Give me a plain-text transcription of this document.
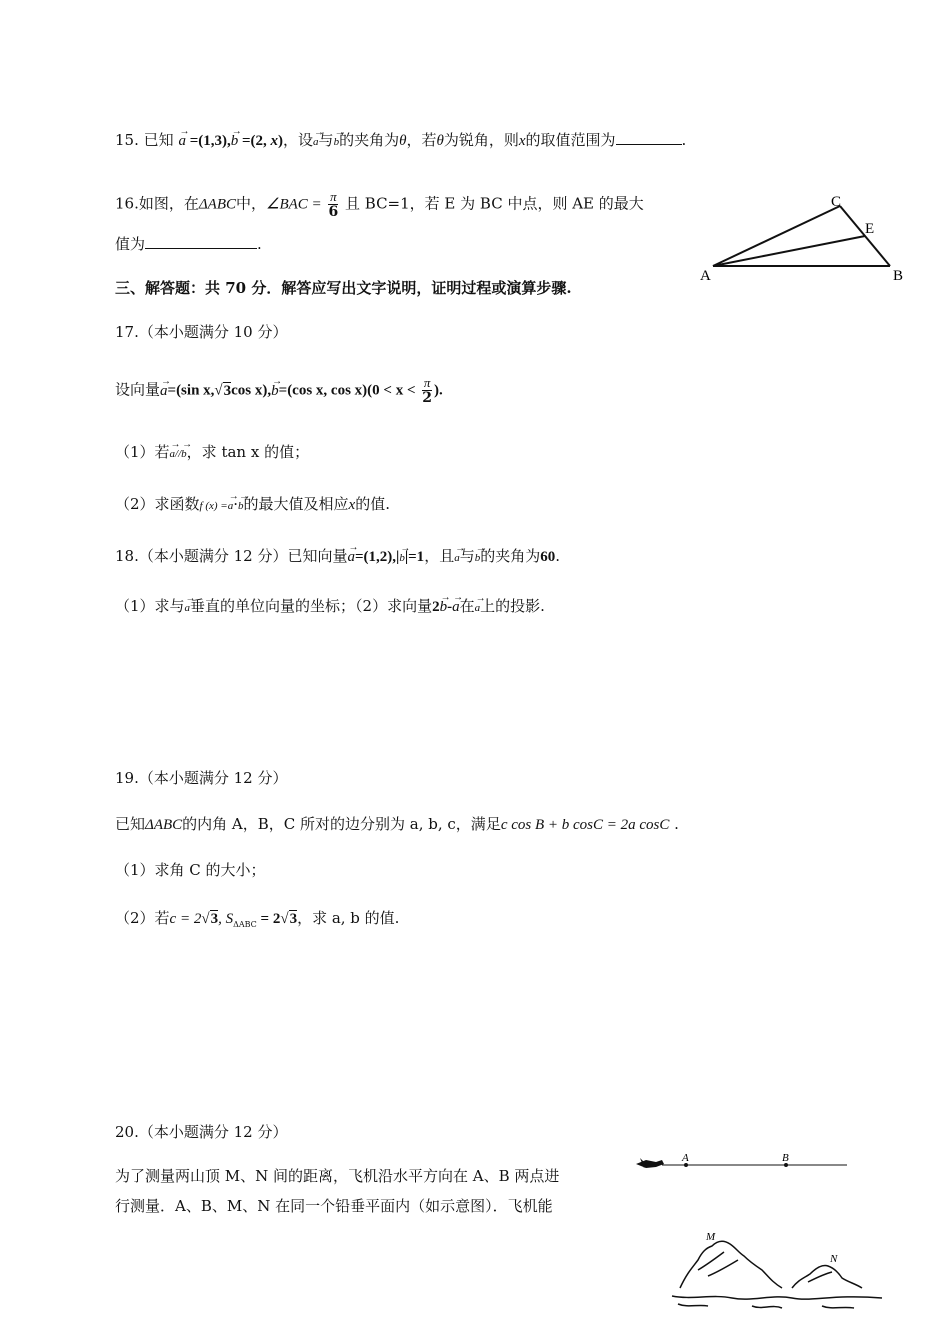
15. 已知 → a =(1,3),→ b =(2, x)，设→ a与→ b的夹角为θ，若θ为锐角，则x的取值范围为	.
16.如图，在ΔABC中，∠BAC = $\frac{\pi}{6}$ 且 BC=1，若 E 为 BC 中点，则 AE 的最大
值为	.
C
E
A	B
三、解答题：共 70 分．解答应写出文字说明，证明过程或演算步骤.
17.（本小题满分 10 分）
设向量→ a=(sin x,√3cos x),→ b=(cos x, $\cos x)(0 < x < \frac{\pi}{2}$ ).
（1）若→ a//→ b，求 tan x 的值；
（2）求函数f (x) =→ a·→ b的最大值及相应x的值.
18.（本小题满分 12 分）已知向量→ a=(1,2),|→ b|=1，且→ a与→ b的夹角为60.
（1）求与→ a垂直的单位向量的坐标；（2）求向量2→ b-→ a在→ a上的投影.
19.（本小题满分 12 分）
已知ΔABC的内角 A，B，C 所对的边分别为 a, b, c，满足c cos B + b cosC = 2a cosC .
（1）求角 C 的大小；
（2）若c = 2√3, $S_{\Delta ABC} = 2√3$，求 a, b 的值.
20.（本小题满分 12 分）
为了测量两山顶 M、N 间的距离，飞机沿水平方向在 A、B 两点进
行测量．A、B、M、N 在同一个铅垂平面内（如示意图）．飞机能
A	B
M
N
